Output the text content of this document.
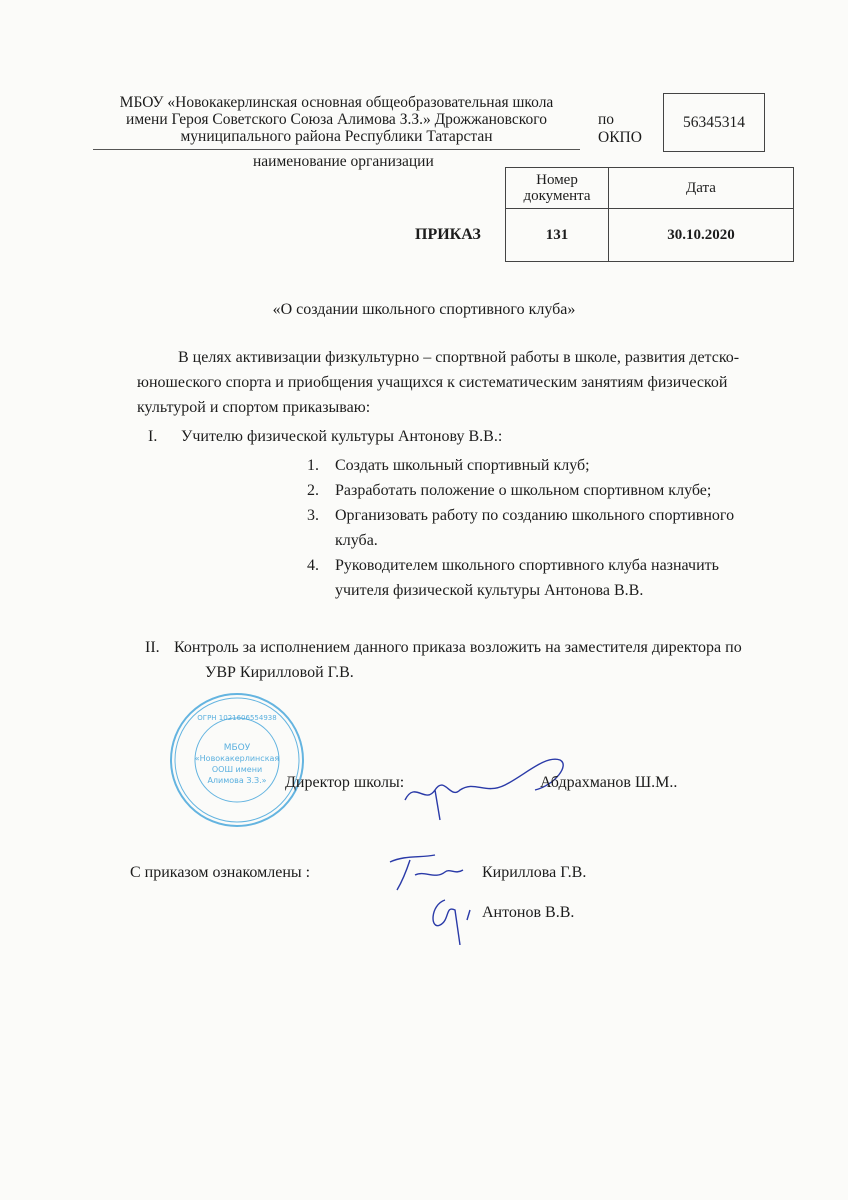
МБОУ «Новокакерлинская основная общеобразовательная школа
имени Героя Советского Союза Алимова З.З.» Дрожжановского
муниципального района Республики Татарстан
наименование организации
по
ОКПО
56345314
ПРИКАЗ
Номер
документа	Дата
131	30.10.2020
«О создании школьного спортивного клуба»
В целях активизации физкультурно – спортвной работы в школе, развития детско-
юношеского спорта и приобщения учащихся к систематическим занятиям физической
культурой и спортом приказываю:
I. Учителю физической культуры Антонову В.В.:
1. Создать школьный спортивный клуб;
2. Разработать положение о школьном спортивном клубе;
3. Организовать работу по созданию школьного спортивного
клуба.
4. Руководителем школьного спортивного клуба назначить
учителя физической культуры Антонова В.В.
II. Контроль за исполнением данного приказа возложить на заместителя директора по
УВР Кирилловой Г.В.
ОГРН 1021606554938
МБОУ
«Новокакерлинская
ООШ имени
Алимова З.З.» Директор школы:	Абдрахманов Ш.М..
С приказом ознакомлены :	Кириллова Г.В.
Антонов В.В.
